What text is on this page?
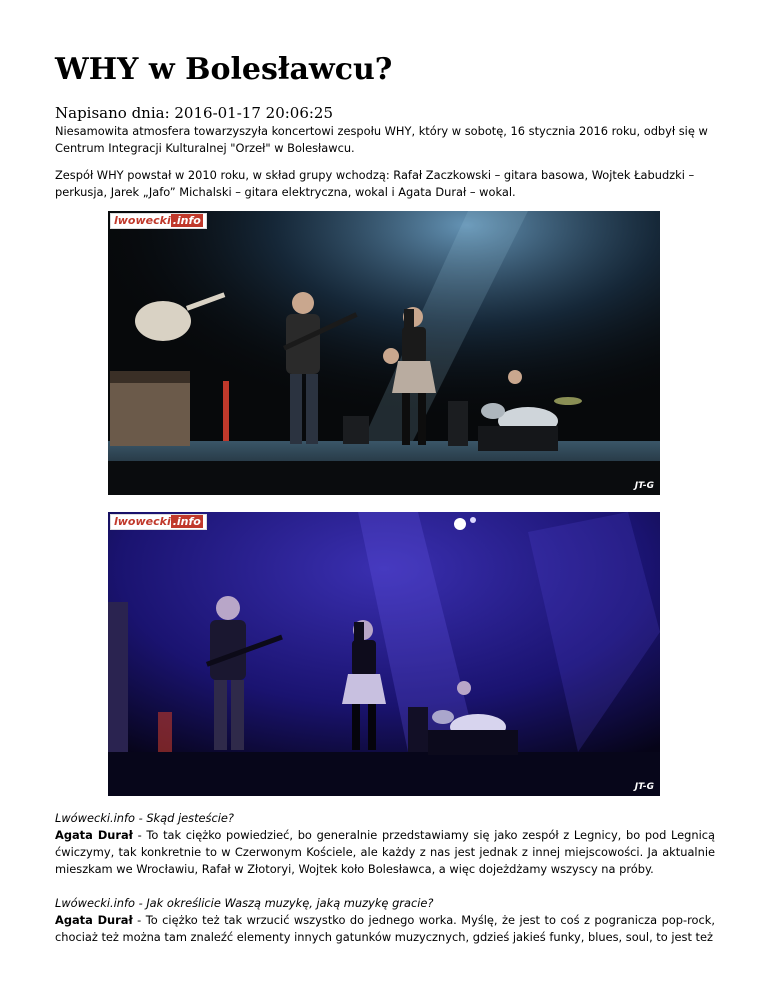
WHY w Bolesławcu?
Napisano dnia: 2016-01-17 20:06:25

Niesamowita atmosfera towarzyszyła koncertowi zespołu WHY, który w sobotę, 16 stycznia 2016 roku, odbył się w Centrum Integracji Kulturalnej "Orzeł" w Bolesławcu.

Zespół WHY powstał w 2010 roku, w skład grupy wchodzą: Rafał Zaczkowski – gitara basowa, Wojtek Łabudzki – perkusja, Jarek „Jafo” Michalski – gitara elektryczna, wokal i Agata Durał – wokal.

lwowecki .info
JT-G
lwowecki .info
JT-G

Lwówecki.info - Skąd jesteście?

Agata Durał - To tak ciężko powiedzieć, bo generalnie przedstawiamy się jako zespół z Legnicy, bo pod Legnicą ćwiczymy, tak konkretnie to w Czerwonym Kościele, ale każdy z nas jest jednak z innej miejscowości. Ja aktualnie mieszkam we Wrocławiu, Rafał w Złotoryi, Wojtek koło Bolesławca, a więc dojeżdżamy wszyscy na próby.

Lwówecki.info - Jak określicie Waszą muzykę, jaką muzykę gracie?

Agata Durał - To ciężko też tak wrzucić wszystko do jednego worka. Myślę, że jest to coś z pogranicza pop-rock, chociaż też można tam znaleźć elementy innych gatunków muzycznych, gdzieś jakieś funky, blues, soul, to jest też
